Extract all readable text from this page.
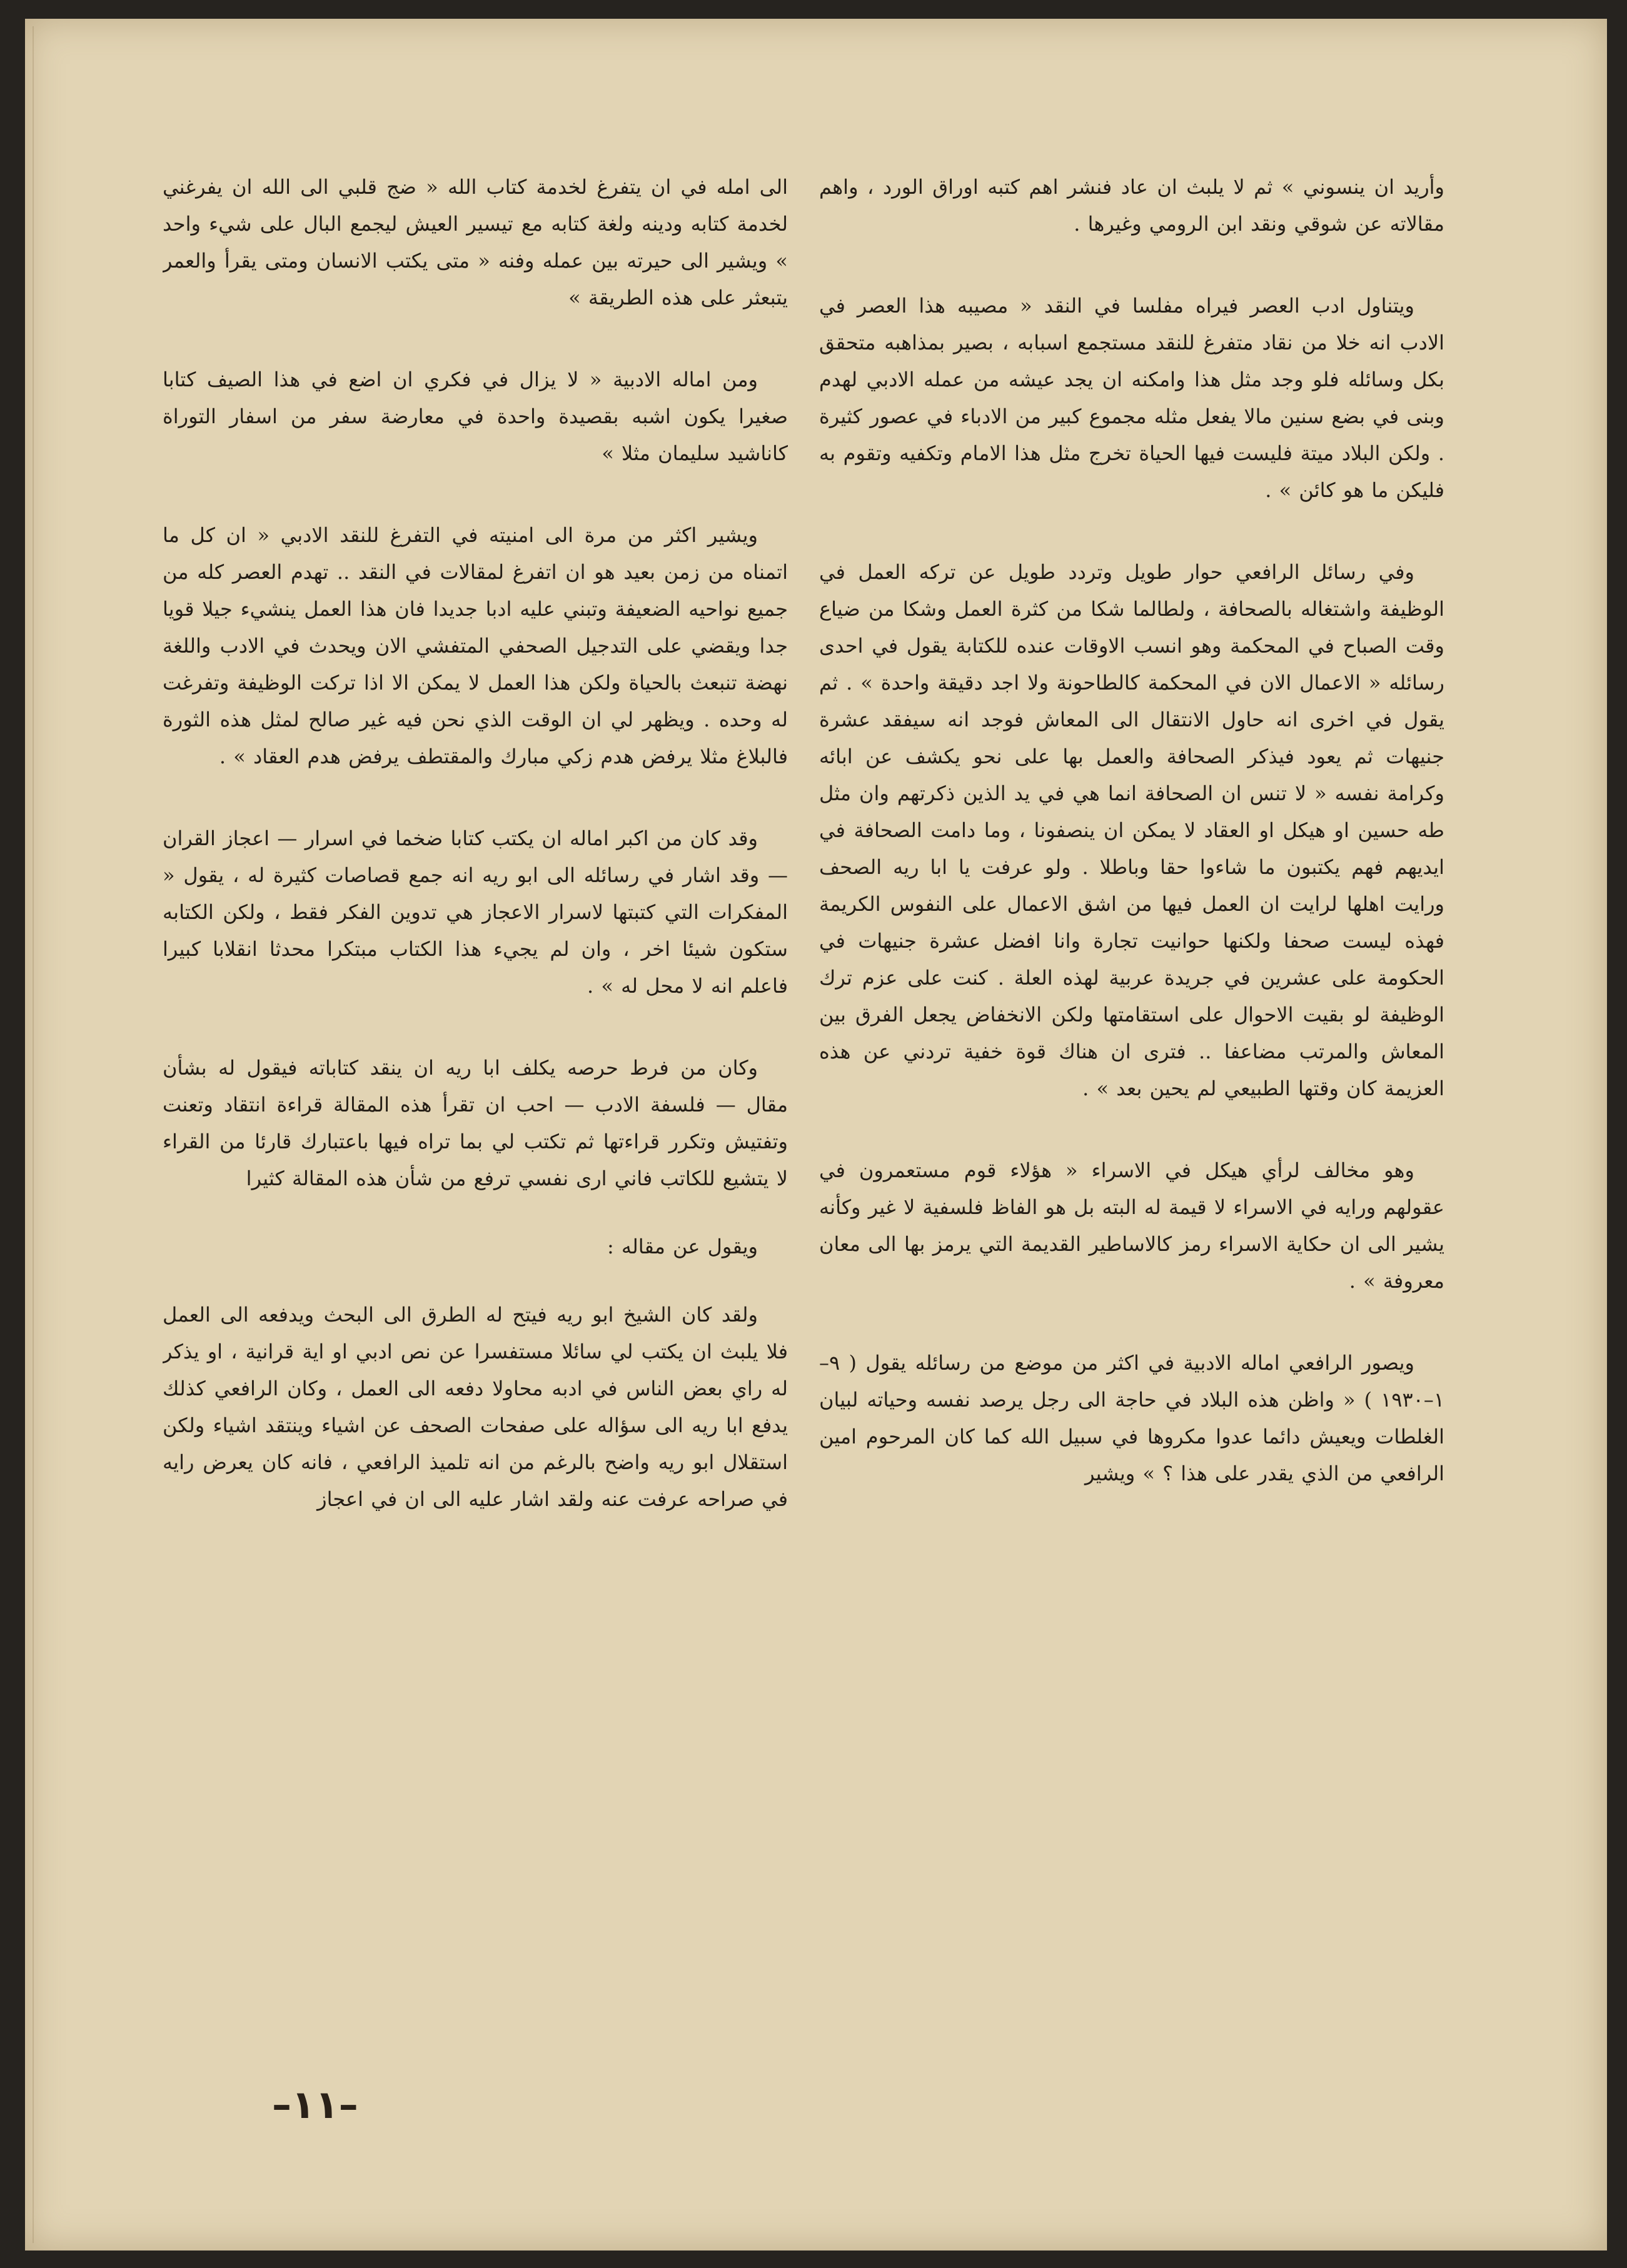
وأريد ان ينسوني » ثم لا يلبث ان عاد فنشر اهم كتبه اوراق الورد ، واهم مقالاته عن شوقي ونقد ابن الرومي وغيرها .

ويتناول ادب العصر فيراه مفلسا في النقد « مصيبه هذا العصر في الادب انه خلا من نقاد متفرغ للنقد مستجمع اسبابه ، بصير بمذاهبه متحقق بكل وسائله فلو وجد مثل هذا وامكنه ان يجد عيشه من عمله الادبي لهدم وبنى في بضع سنين مالا يفعل مثله مجموع كبير من الادباء في عصور كثيرة . ولكن البلاد ميتة فليست فيها الحياة تخرج مثل هذا الامام وتكفيه وتقوم به فليكن ما هو كائن » .

وفي رسائل الرافعي حوار طويل وتردد طويل عن تركه العمل في الوظيفة واشتغاله بالصحافة ، ولطالما شكا من كثرة العمل وشكا من ضياع وقت الصباح في المحكمة وهو انسب الاوقات عنده للكتابة يقول في احدى رسائله « الاعمال الان في المحكمة كالطاحونة ولا اجد دقيقة واحدة » . ثم يقول في اخرى انه حاول الانتقال الى المعاش فوجد انه سيفقد عشرة جنيهات ثم يعود فيذكر الصحافة والعمل بها على نحو يكشف عن ابائه وكرامة نفسه « لا تنس ان الصحافة انما هي في يد الذين ذكرتهم وان مثل طه حسين او هيكل او العقاد لا يمكن ان ينصفونا ، وما دامت الصحافة في ايديهم فهم يكتبون ما شاءوا حقا وباطلا . ولو عرفت يا ابا ريه الصحف ورايت اهلها لرايت ان العمل فيها من اشق الاعمال على النفوس الكريمة فهذه ليست صحفا ولكنها حوانيت تجارة وانا افضل عشرة جنيهات في الحكومة على عشرين في جريدة عربية لهذه العلة . كنت على عزم ترك الوظيفة لو بقيت الاحوال على استقامتها ولكن الانخفاض يجعل الفرق بين المعاش والمرتب مضاعفا .. فترى ان هناك قوة خفية تردني عن هذه العزيمة كان وقتها الطبيعي لم يحين بعد » .

وهو مخالف لرأي هيكل في الاسراء « هؤلاء قوم مستعمرون في عقولهم ورايه في الاسراء لا قيمة له البته بل هو الفاظ فلسفية لا غير وكأنه يشير الى ان حكاية الاسراء رمز كالاساطير القديمة التي يرمز بها الى معان معروفة » .

ويصور الرافعي اماله الادبية في اكثر من موضع من رسائله يقول ( ٩–١–١٩٣٠ ) « واظن هذه البلاد في حاجة الى رجل يرصد نفسه وحياته لبيان الغلطات ويعيش دائما عدوا مكروها في سبيل الله كما كان المرحوم امين الرافعي من الذي يقدر على هذا ؟ » ويشير

الى امله في ان يتفرغ لخدمة كتاب الله « ضج قلبي الى الله ان يفرغني لخدمة كتابه ودينه ولغة كتابه مع تيسير العيش ليجمع البال على شيء واحد » ويشير الى حيرته بين عمله وفنه « متى يكتب الانسان ومتى يقرأ والعمر يتبعثر على هذه الطريقة »

ومن اماله الادبية « لا يزال في فكري ان اضع في هذا الصيف كتابا صغيرا يكون اشبه بقصيدة واحدة في معارضة سفر من اسفار التوراة كاناشيد سليمان مثلا »

ويشير اكثر من مرة الى امنيته في التفرغ للنقد الادبي « ان كل ما اتمناه من زمن بعيد هو ان اتفرغ لمقالات في النقد .. تهدم العصر كله من جميع نواحيه الضعيفة وتبني عليه ادبا جديدا فان هذا العمل ينشيء جيلا قويا جدا ويقضي على التدجيل الصحفي المتفشي الان ويحدث في الادب واللغة نهضة تنبعث بالحياة ولكن هذا العمل لا يمكن الا اذا تركت الوظيفة وتفرغت له وحده . ويظهر لي ان الوقت الذي نحن فيه غير صالح لمثل هذه الثورة فالبلاغ مثلا يرفض هدم زكي مبارك والمقتطف يرفض هدم العقاد » .

وقد كان من اكبر اماله ان يكتب كتابا ضخما في اسرار — اعجاز القران — وقد اشار في رسائله الى ابو ريه انه جمع قصاصات كثيرة له ، يقول « المفكرات التي كتبتها لاسرار الاعجاز هي تدوين الفكر فقط ، ولكن الكتابه ستكون شيئا اخر ، وان لم يجيء هذا الكتاب مبتكرا محدثا انقلابا كبيرا فاعلم انه لا محل له » .

وكان من فرط حرصه يكلف ابا ريه ان ينقد كتاباته فيقول له بشأن مقال — فلسفة الادب — احب ان تقرأ هذه المقالة قراءة انتقاد وتعنت وتفتيش وتكرر قراءتها ثم تكتب لي بما تراه فيها باعتبارك قارئا من القراء لا يتشيع للكاتب فاني ارى نفسي ترفع من شأن هذه المقالة كثيرا

ويقول عن مقاله :

ولقد كان الشيخ ابو ريه فيتح له الطرق الى البحث ويدفعه الى العمل فلا يلبث ان يكتب لي سائلا مستفسرا عن نص ادبي او اية قرانية ، او يذكر له راي بعض الناس في ادبه محاولا دفعه الى العمل ، وكان الرافعي كذلك يدفع ابا ريه الى سؤاله على صفحات الصحف عن اشياء وينتقد اشياء ولكن استقلال ابو ريه واضح بالرغم من انه تلميذ الرافعي ، فانه كان يعرض رايه في صراحه عرفت عنه ولقد اشار عليه الى ان في اعجاز

–١١–
